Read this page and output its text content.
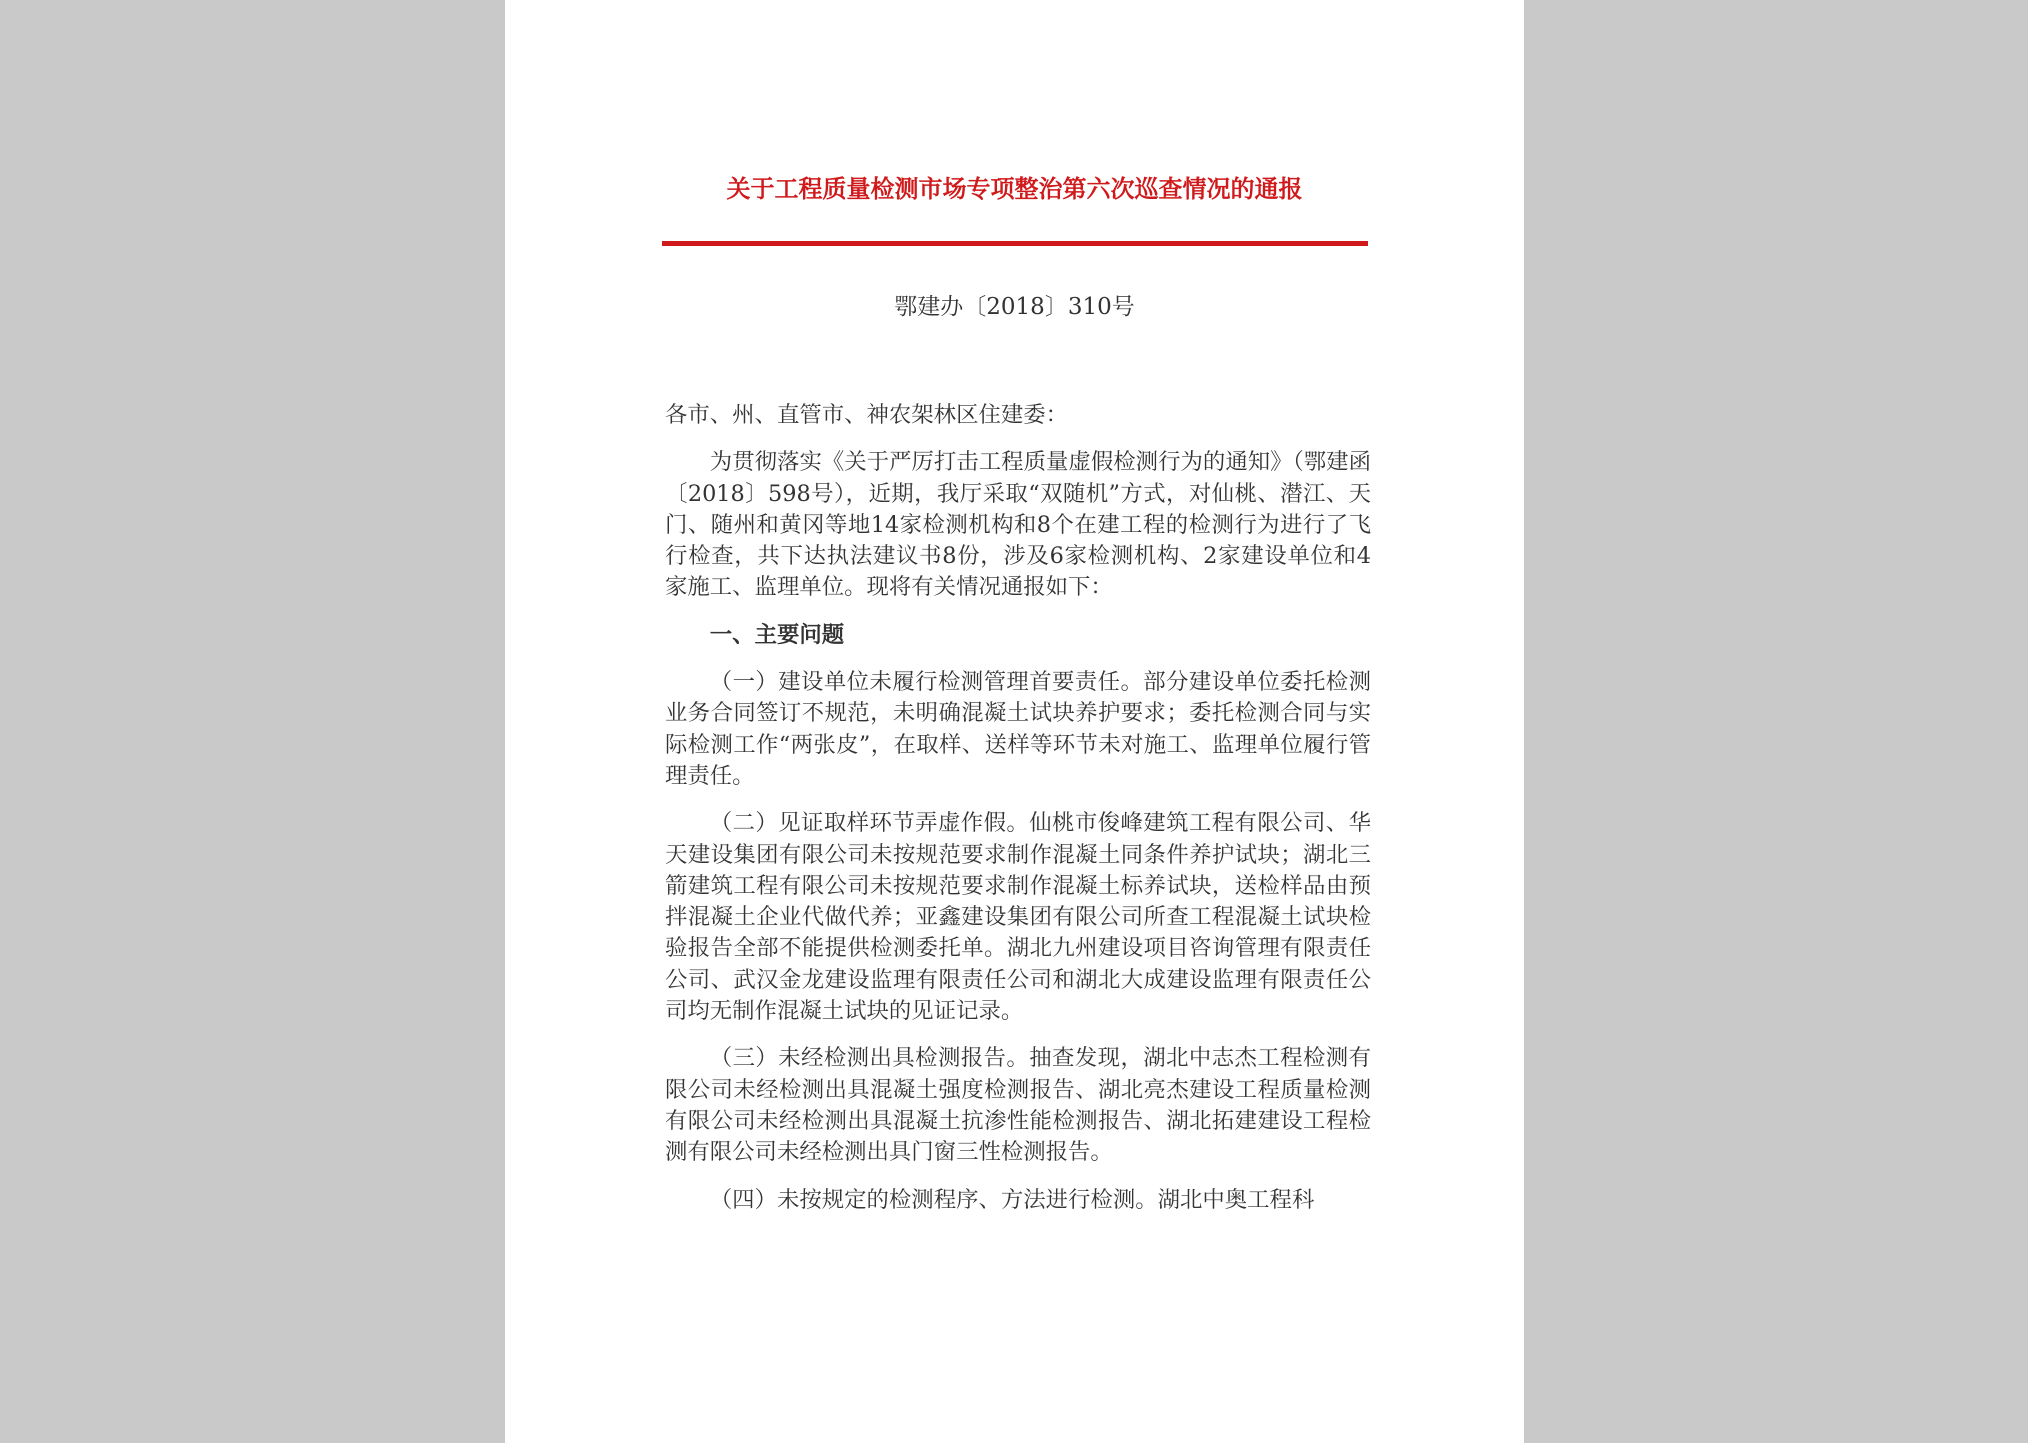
关于工程质量检测市场专项整治第六次巡查情况的通报
鄂建办〔2018〕310号

各市、州、直管市、神农架林区住建委：

为贯彻落实《关于严厉打击工程质量虚假检测行为的通知》（鄂建函〔2018〕598号），近期，我厅采取“双随机”方式，对仙桃、潜江、天门、随州和黄冈等地14家检测机构和8个在建工程的检测行为进行了飞行检查，共下达执法建议书8份，涉及6家检测机构、2家建设单位和4家施工、监理单位。现将有关情况通报如下：

一、主要问题

（一）建设单位未履行检测管理首要责任。部分建设单位委托检测业务合同签订不规范，未明确混凝土试块养护要求；委托检测合同与实际检测工作“两张皮”，在取样、送样等环节未对施工、监理单位履行管理责任。

（二）见证取样环节弄虚作假。仙桃市俊峰建筑工程有限公司、华天建设集团有限公司未按规范要求制作混凝土同条件养护试块；湖北三箭建筑工程有限公司未按规范要求制作混凝土标养试块，送检样品由预拌混凝土企业代做代养；亚鑫建设集团有限公司所查工程混凝土试块检验报告全部不能提供检测委托单。湖北九州建设项目咨询管理有限责任公司、武汉金龙建设监理有限责任公司和湖北大成建设监理有限责任公司均无制作混凝土试块的见证记录。

（三）未经检测出具检测报告。抽查发现，湖北中志杰工程检测有限公司未经检测出具混凝土强度检测报告、湖北亮杰建设工程质量检测有限公司未经检测出具混凝土抗渗性能检测报告、湖北拓建建设工程检测有限公司未经检测出具门窗三性检测报告。

（四）未按规定的检测程序、方法进行检测。湖北中奥工程科
